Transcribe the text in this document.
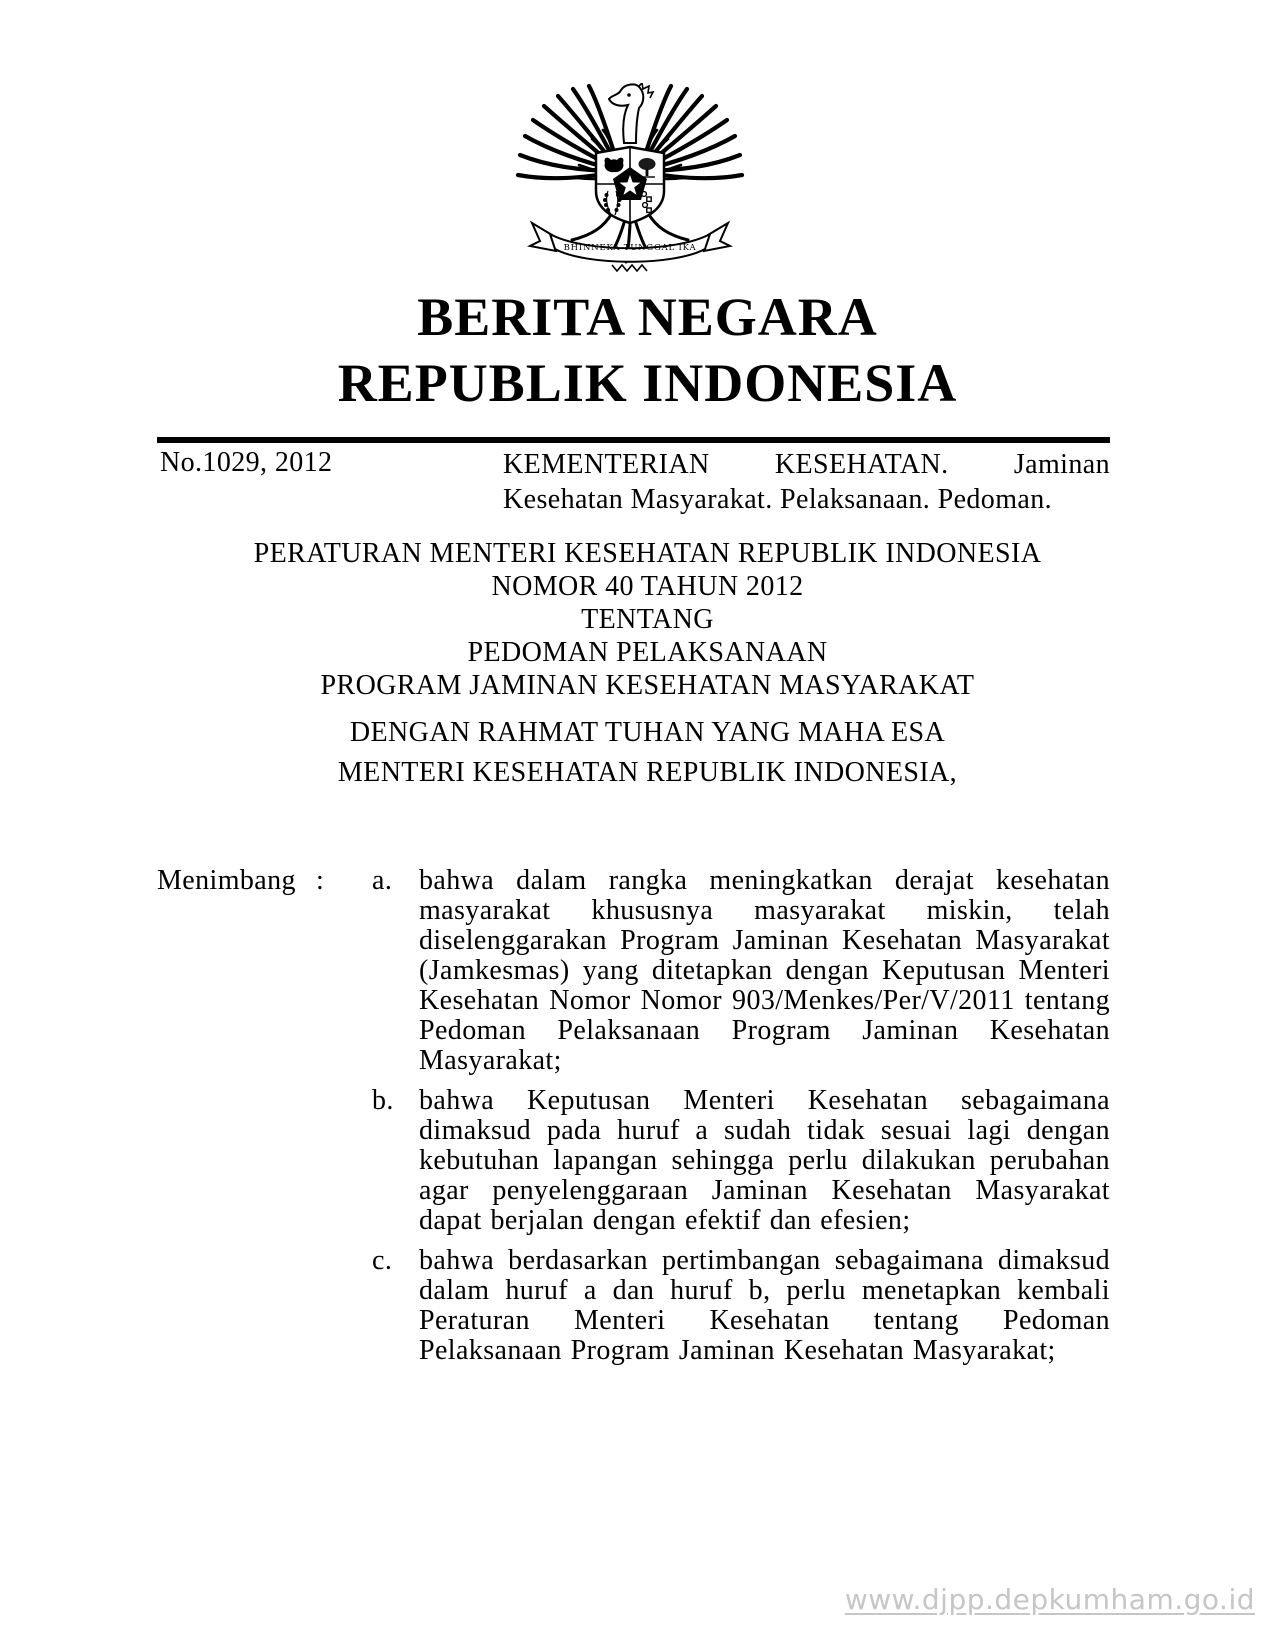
BHINNEKA TUNGGAL IKA
BERITA NEGARA
REPUBLIK INDONESIA
No.1029, 2012	KEMENTERIAN KESEHATAN. Jaminan
Kesehatan Masyarakat. Pelaksanaan. Pedoman.
PERATURAN MENTERI KESEHATAN REPUBLIK INDONESIA
NOMOR 40 TAHUN 2012
TENTANG
PEDOMAN PELAKSANAAN
PROGRAM JAMINAN KESEHATAN MASYARAKAT
DENGAN RAHMAT TUHAN YANG MAHA ESA
MENTERI KESEHATAN REPUBLIK INDONESIA,
Menimbang :	a. bahwa dalam rangka meningkatkan derajat kesehatan masyarakat khususnya masyarakat miskin, telah diselenggarakan Program Jaminan Kesehatan Masyarakat (Jamkesmas) yang ditetapkan dengan Keputusan Menteri Kesehatan Nomor Nomor 903/Menkes/Per/V/2011 tentang Pedoman Pelaksanaan Program Jaminan Kesehatan Masyarakat;
b. bahwa Keputusan Menteri Kesehatan sebagaimana dimaksud pada huruf a sudah tidak sesuai lagi dengan kebutuhan lapangan sehingga perlu dilakukan perubahan agar penyelenggaraan Jaminan Kesehatan Masyarakat dapat berjalan dengan efektif dan efesien;
c. bahwa berdasarkan pertimbangan sebagaimana dimaksud dalam huruf a dan huruf b, perlu menetapkan kembali Peraturan Menteri Kesehatan tentang Pedoman Pelaksanaan Program Jaminan Kesehatan Masyarakat;
www.djpp.depkumham.go.id
